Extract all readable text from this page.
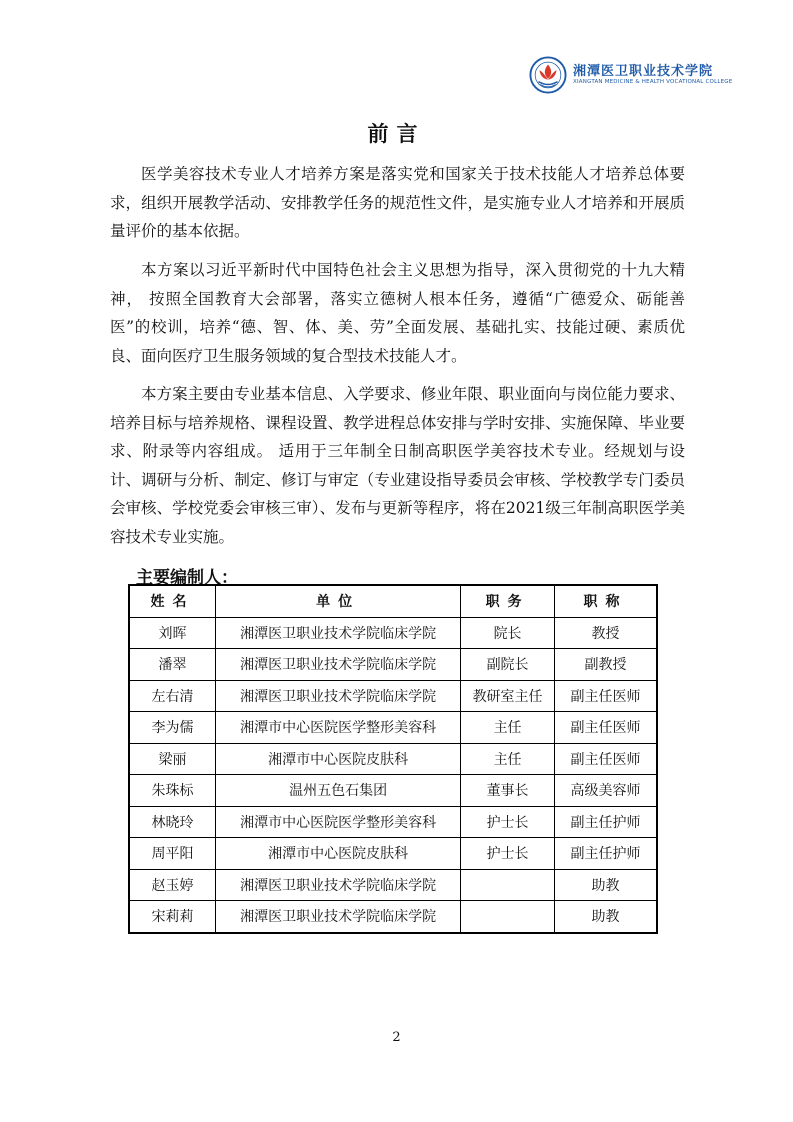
湘潭医卫职业技术学院
XIANGTAN MEDICINE & HEALTH VOCATIONAL COLLEGE
前言

医学美容技术专业人才培养方案是落实党和国家关于技术技能人才培养总体要求，组织开展教学活动、安排教学任务的规范性文件，是实施专业人才培养和开展质量评价的基本依据。

本方案以习近平新时代中国特色社会主义思想为指导，深入贯彻党的十九大精神， 按照全国教育大会部署，落实立德树人根本任务，遵循“广德爱众、砺能善医”的校训，培养“德、智、体、美、劳”全面发展、基础扎实、技能过硬、素质优良、面向医疗卫生服务领域的复合型技术技能人才。

本方案主要由专业基本信息、入学要求、修业年限、职业面向与岗位能力要求、培养目标与培养规格、课程设置、教学进程总体安排与学时安排、实施保障、毕业要求、附录等内容组成。 适用于三年制全日制高职医学美容技术专业。经规划与设计、调研与分析、制定、修订与审定（专业建设指导委员会审核、学校教学专门委员会审核、学校党委会审核三审）、发布与更新等程序，将在2021级三年制高职医学美容技术专业实施。

主要编制人：
姓名	单位	职务	职称
刘晖	湘潭医卫职业技术学院临床学院	院长	教授
潘翠	湘潭医卫职业技术学院临床学院	副院长	副教授
左右清	湘潭医卫职业技术学院临床学院	教研室主任	副主任医师
李为儒	湘潭市中心医院医学整形美容科	主任	副主任医师
梁丽	湘潭市中心医院皮肤科	主任	副主任医师
朱珠标	温州五色石集团	董事长	高级美容师
林晓玲	湘潭市中心医院医学整形美容科	护士长	副主任护师
周平阳	湘潭市中心医院皮肤科	护士长	副主任护师
赵玉婷	湘潭医卫职业技术学院临床学院		助教
宋莉莉	湘潭医卫职业技术学院临床学院		助教
2
